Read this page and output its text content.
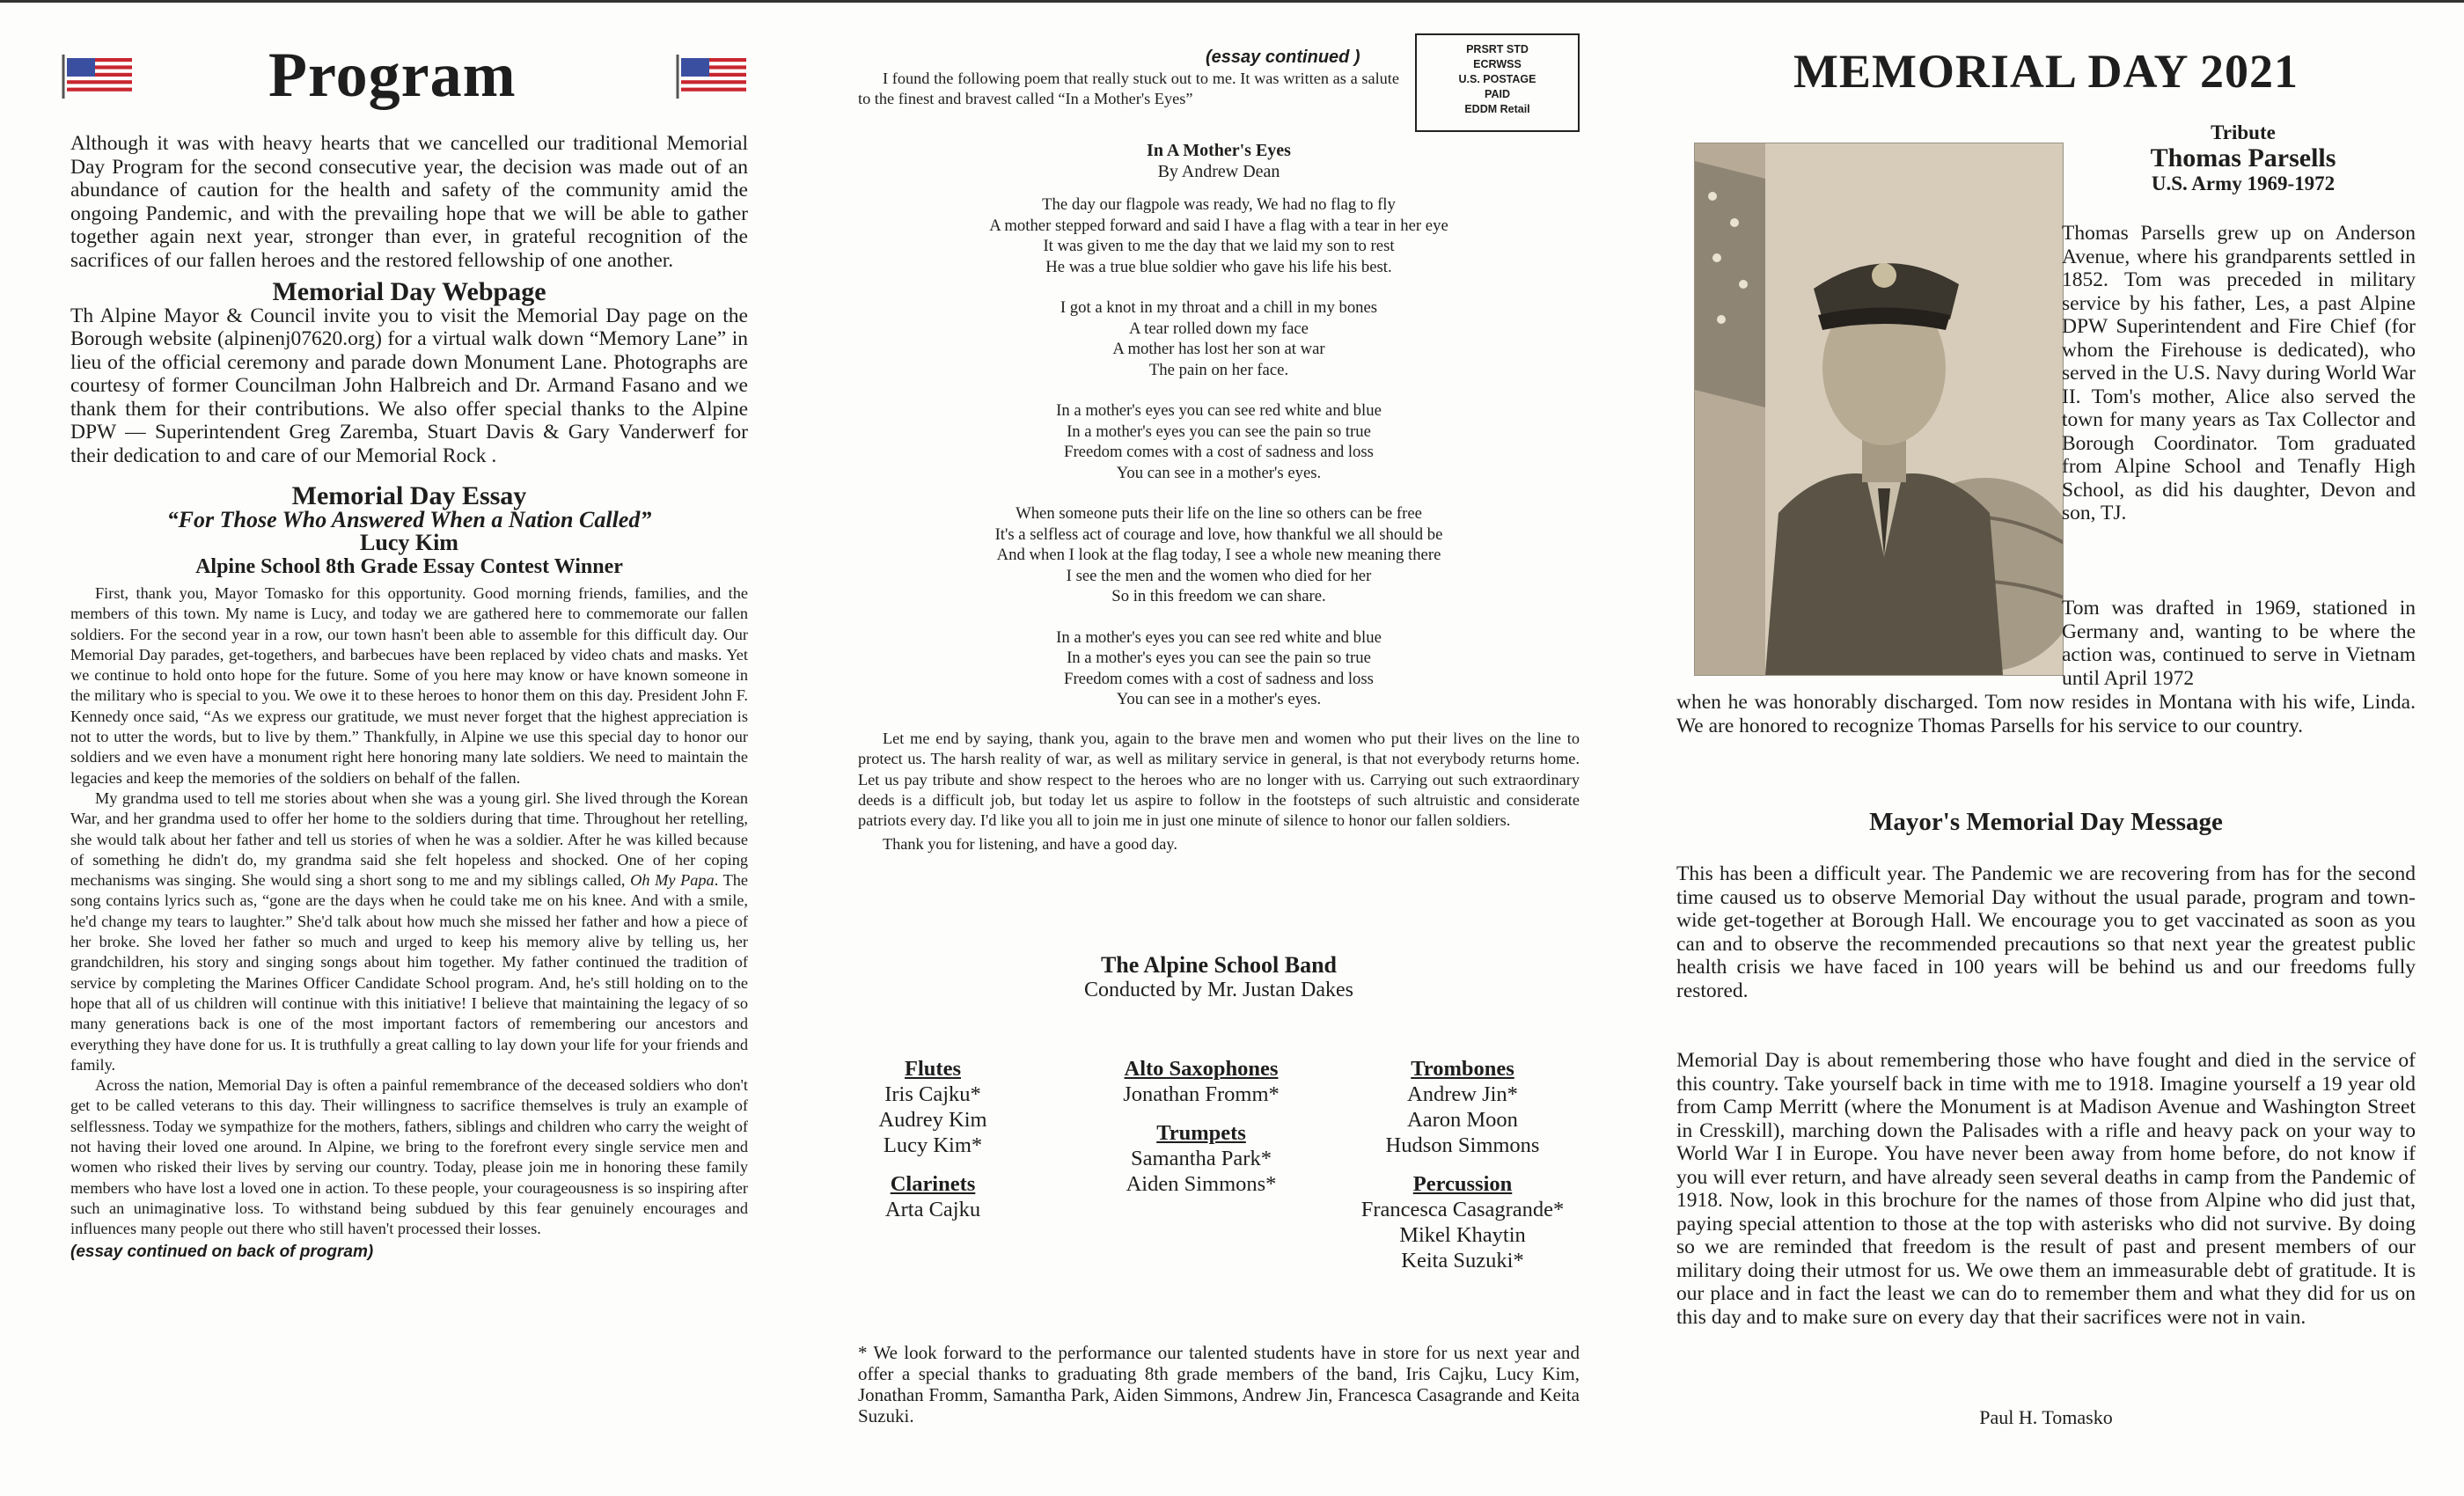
Program

Although it was with heavy hearts that we cancelled our traditional Memorial Day Program for the second consecutive year, the decision was made out of an abundance of caution for the health and safety of the community amid the ongoing Pandemic, and with the prevailing hope that we will be able to gather together again next year, stronger than ever, in grateful recognition of the sacrifices of our fallen heroes and the restored fellowship of one another.

Memorial Day Webpage

Th Alpine Mayor & Council invite you to visit the Memorial Day page on the Borough website (alpinenj07620.org) for a virtual walk down “Memory Lane” in lieu of the official ceremony and parade down Monument Lane. Photographs are courtesy of former Councilman John Halbreich and Dr. Armand Fasano and we thank them for their contributions. We also offer special thanks to the Alpine DPW — Superintendent Greg Zaremba, Stuart Davis & Gary Vanderwerf for their dedication to and care of our Memorial Rock .

Memorial Day Essay

“For Those Who Answered When a Nation Called”

Lucy Kim

Alpine School 8th Grade Essay Contest Winner

First, thank you, Mayor Tomasko for this opportunity. Good morning friends, families, and the members of this town. My name is Lucy, and today we are gathered here to commemorate our fallen soldiers. For the second year in a row, our town hasn't been able to assemble for this difficult day. Our Memorial Day parades, get-togethers, and barbecues have been replaced by video chats and masks. Yet we continue to hold onto hope for the future. Some of you here may know or have known someone in the military who is special to you. We owe it to these heroes to honor them on this day. President John F. Kennedy once said, “As we express our gratitude, we must never forget that the highest appreciation is not to utter the words, but to live by them.” Thankfully, in Alpine we use this special day to honor our soldiers and we even have a monument right here honoring many late soldiers. We need to maintain the legacies and keep the memories of the soldiers on behalf of the fallen.

My grandma used to tell me stories about when she was a young girl. She lived through the Korean War, and her grandma used to offer her home to the soldiers during that time. Throughout her retelling, she would talk about her father and tell us stories of when he was a soldier. After he was killed because of something he didn't do, my grandma said she felt hopeless and shocked. One of her coping mechanisms was singing. She would sing a short song to me and my siblings called, Oh My Papa. The song contains lyrics such as, “gone are the days when he could take me on his knee. And with a smile, he'd change my tears to laughter.” She'd talk about how much she missed her father and how a piece of her broke. She loved her father so much and urged to keep his memory alive by telling us, her grandchildren, his story and singing songs about him together. My father continued the tradition of service by completing the Marines Officer Candidate School program. And, he's still holding on to the hope that all of us children will continue with this initiative! I believe that maintaining the legacy of so many generations back is one of the most important factors of remembering our ancestors and everything they have done for us. It is truthfully a great calling to lay down your life for your friends and family.

Across the nation, Memorial Day is often a painful remembrance of the deceased soldiers who don't get to be called veterans to this day. Their willingness to sacrifice themselves is truly an example of selflessness. Today we sympathize for the mothers, fathers, siblings and children who carry the weight of not having their loved one around. In Alpine, we bring to the forefront every single service men and women who risked their lives by serving our country. Today, please join me in honoring these family members who have lost a loved one in action. To these people, your courageousness is so inspiring after such an unimaginative loss. To withstand being subdued by this fear genuinely encourages and influences many people out there who still haven't processed their losses.

(essay continued on back of program)

(essay continued )	PRSRT STD
ECRWSS
U.S. POSTAGE
PAID
EDDM Retail

I found the following poem that really stuck out to me. It was written as a salute to the finest and bravest called “In a Mother's Eyes”

In A Mother's Eyes
By Andrew Dean

The day our flagpole was ready, We had no flag to fly
A mother stepped forward and said I have a flag with a tear in her eye
It was given to me the day that we laid my son to rest
He was a true blue soldier who gave his life his best.

I got a knot in my throat and a chill in my bones
A tear rolled down my face
A mother has lost her son at war
The pain on her face.

In a mother's eyes you can see red white and blue
In a mother's eyes you can see the pain so true
Freedom comes with a cost of sadness and loss
You can see in a mother's eyes.

When someone puts their life on the line so others can be free
It's a selfless act of courage and love, how thankful we all should be
And when I look at the flag today, I see a whole new meaning there
I see the men and the women who died for her
So in this freedom we can share.

In a mother's eyes you can see red white and blue
In a mother's eyes you can see the pain so true
Freedom comes with a cost of sadness and loss
You can see in a mother's eyes.

Let me end by saying, thank you, again to the brave men and women who put their lives on the line to protect us. The harsh reality of war, as well as military service in general, is that not everybody returns home. Let us pay tribute and show respect to the heroes who are no longer with us. Carrying out such extraordinary deeds is a difficult job, but today let us aspire to follow in the footsteps of such altruistic and considerate patriots every day. I'd like you all to join me in just one minute of silence to honor our fallen soldiers.

Thank you for listening, and have a good day.

The Alpine School Band
Conducted by Mr. Justan Dakes
Flutes
Iris Cajku*
Audrey Kim
Lucy Kim*
Clarinets
Arta Cajku
Alto Saxophones
Jonathan Fromm*
Trumpets
Samantha Park*
Aiden Simmons*
Trombones
Andrew Jin*
Aaron Moon
Hudson Simmons
Percussion
Francesca Casagrande*
Mikel Khaytin
Keita Suzuki*

* We look forward to the performance our talented students have in store for us next year and offer a special thanks to graduating 8th grade members of the band, Iris Cajku, Lucy Kim, Jonathan Fromm, Samantha Park, Aiden Simmons, Andrew Jin, Francesca Casagrande and Keita Suzuki.

MEMORIAL DAY 2021
Tribute
Thomas Parsells
U.S. Army 1969-1972

Thomas Parsells grew up on Anderson Avenue, where his grandparents settled in 1852. Tom was preceded in military service by his father, Les, a past Alpine DPW Superintendent and Fire Chief (for whom the Firehouse is dedicated), who served in the U.S. Navy during World War II. Tom's mother, Alice also served the town for many years as Tax Collector and Borough Coordinator. Tom graduated from Alpine School and Tenafly High School, as did his daughter, Devon and son, TJ.

Tom was drafted in 1969, stationed in Germany and, wanting to be where the action was, continued to serve in Vietnam until April 1972

when he was honorably discharged. Tom now resides in Montana with his wife, Linda. We are honored to recognize Thomas Parsells for his service to our country.

Mayor's Memorial Day Message

This has been a difficult year. The Pandemic we are recovering from has for the second time caused us to observe Memorial Day without the usual parade, program and town-wide get-together at Borough Hall. We encourage you to get vaccinated as soon as you can and to observe the recommended precautions so that next year the greatest public health crisis we have faced in 100 years will be behind us and our freedoms fully restored.

Memorial Day is about remembering those who have fought and died in the service of this country. Take yourself back in time with me to 1918. Imagine yourself a 19 year old from Camp Merritt (where the Monument is at Madison Avenue and Washington Street in Cresskill), marching down the Palisades with a rifle and heavy pack on your way to World War I in Europe. You have never been away from home before, do not know if you will ever return, and have already seen several deaths in camp from the Pandemic of 1918. Now, look in this brochure for the names of those from Alpine who did just that, paying special attention to those at the top with asterisks who did not survive. By doing so we are reminded that freedom is the result of past and present members of our military doing their utmost for us. We owe them an immeasurable debt of gratitude. It is our place and in fact the least we can do to remember them and what they did for us on this day and to make sure on every day that their sacrifices were not in vain.

Paul H. Tomasko
